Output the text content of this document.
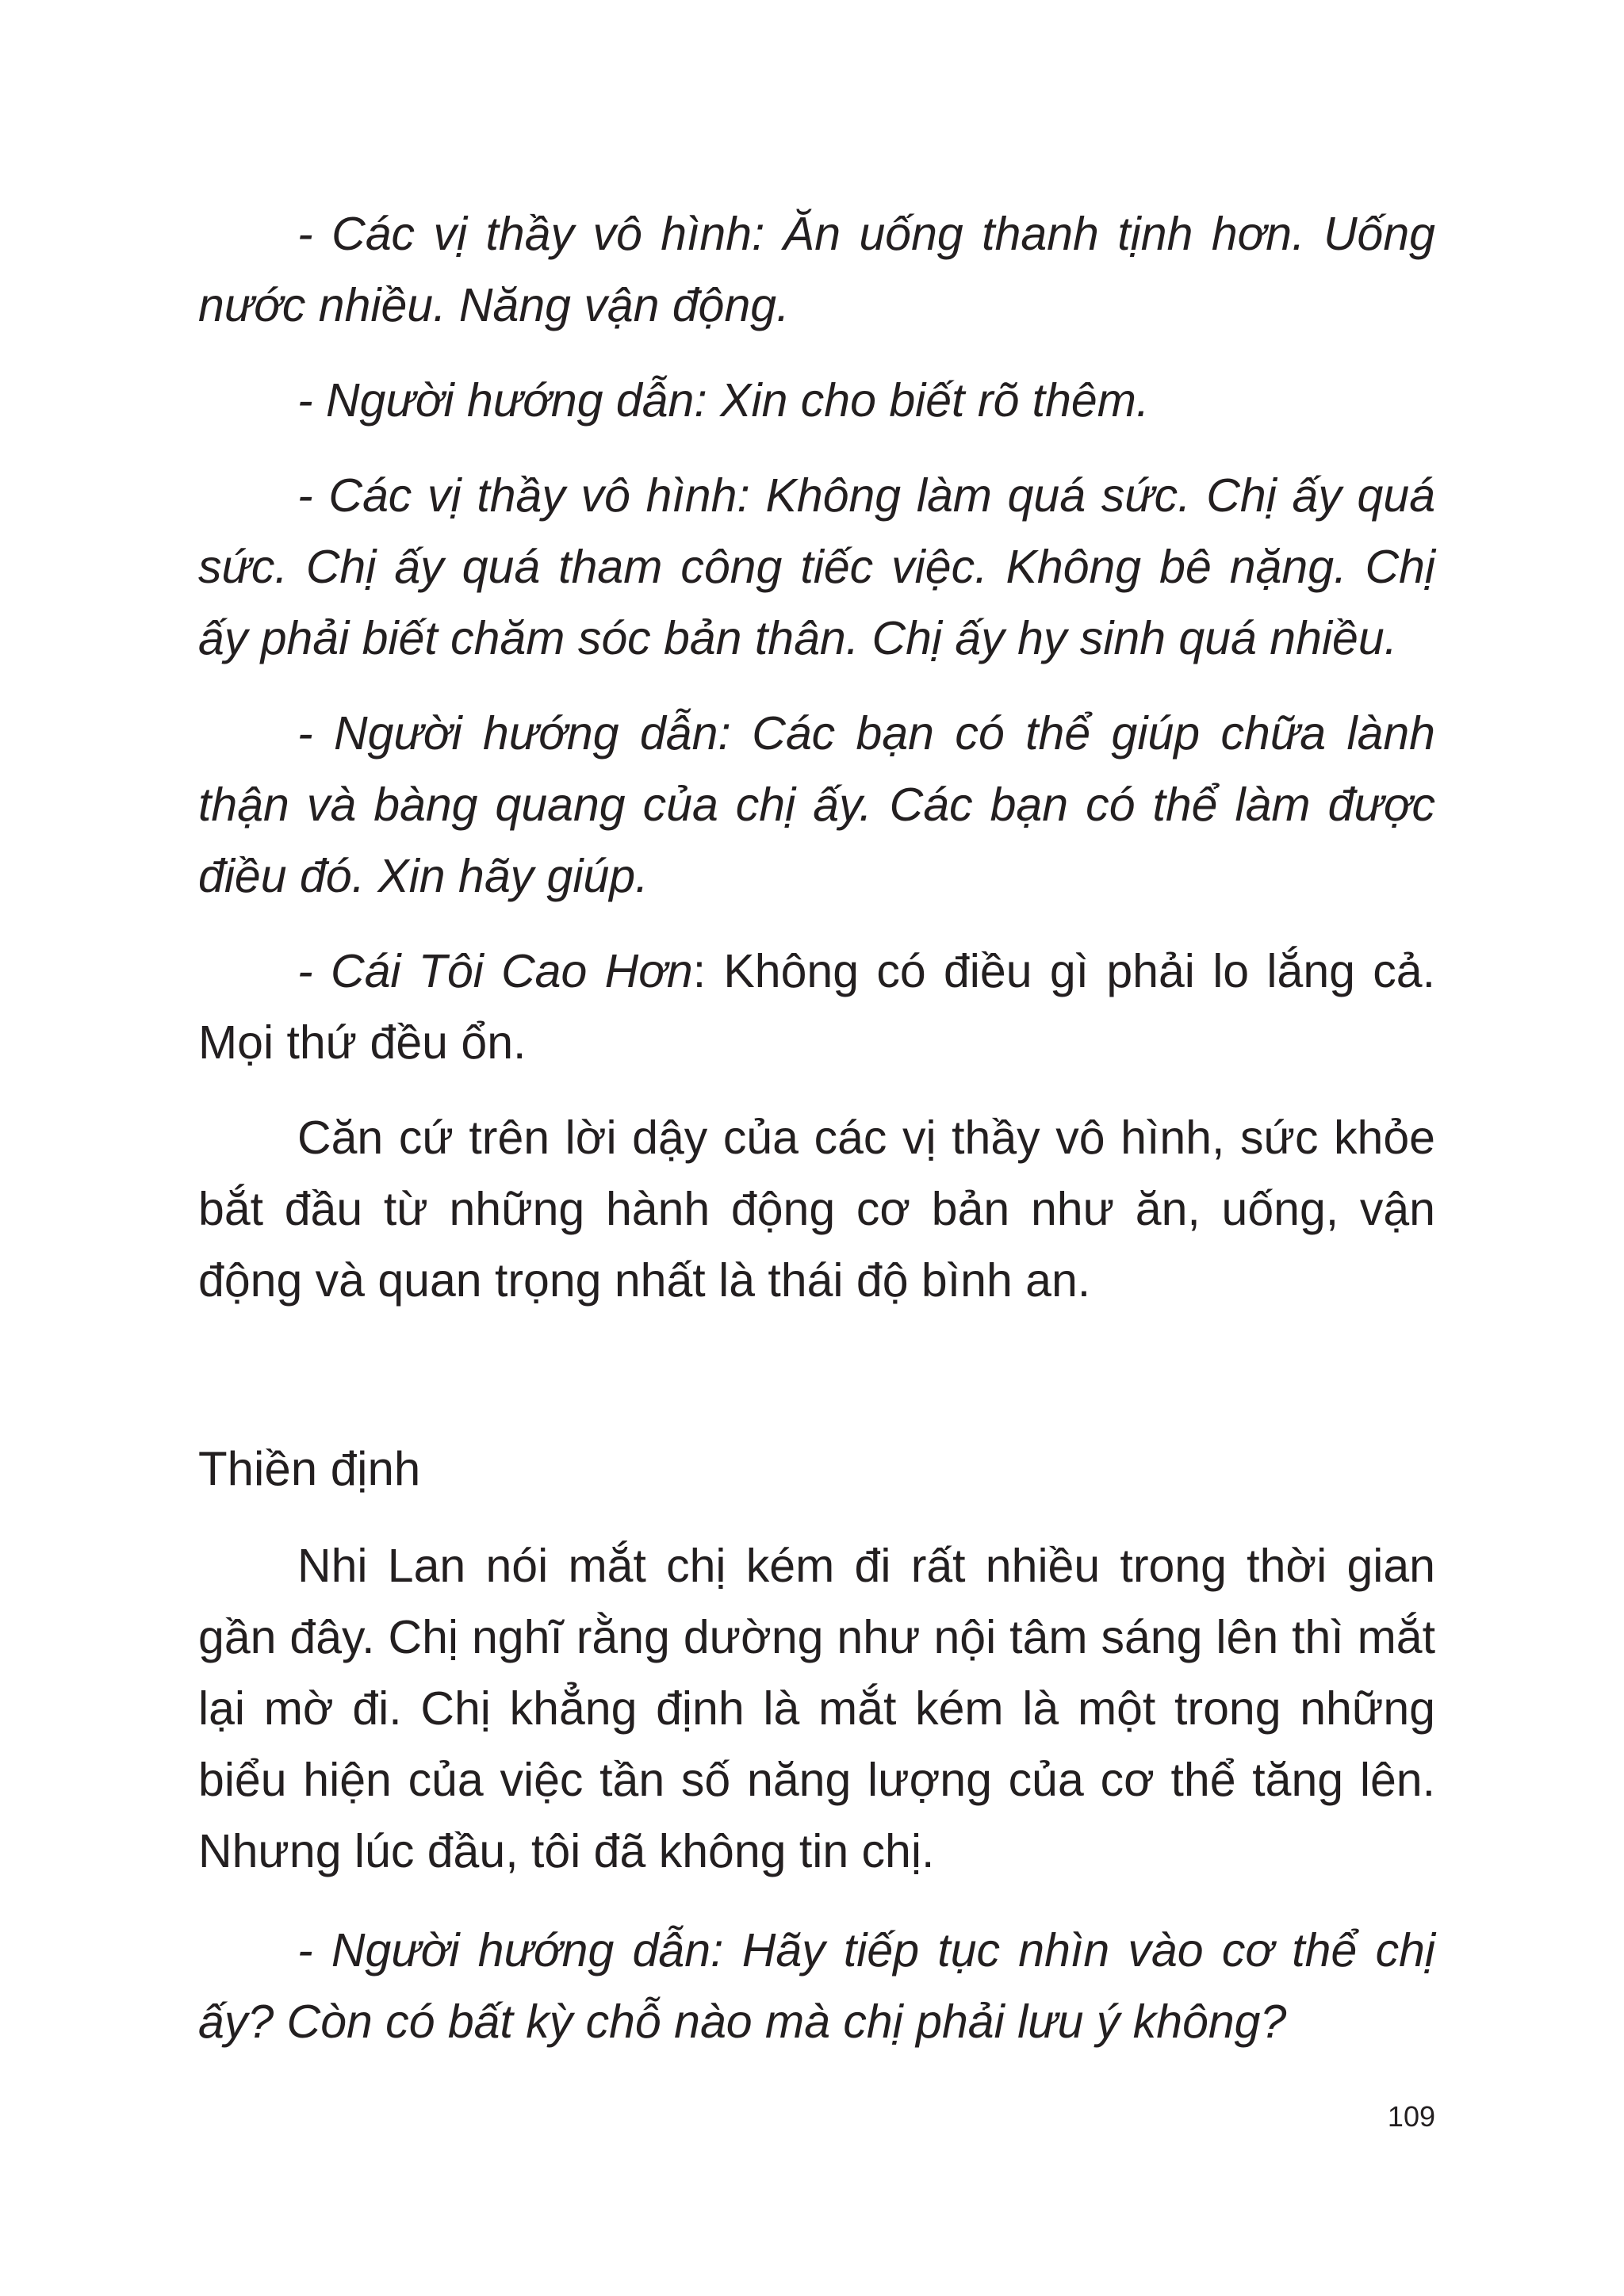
- Các vị thầy vô hình: Ăn uống thanh tịnh hơn. Uống nước nhiều. Năng vận động.

- Người hướng dẫn: Xin cho biết rõ thêm.

- Các vị thầy vô hình: Không làm quá sức. Chị ấy quá sức. Chị ấy quá tham công tiếc việc. Không bê nặng. Chị ấy phải biết chăm sóc bản thân. Chị ấy hy sinh quá nhiều.

- Người hướng dẫn: Các bạn có thể giúp chữa lành thận và bàng quang của chị ấy. Các bạn có thể làm được điều đó. Xin hãy giúp.

- Cái Tôi Cao Hơn: Không có điều gì phải lo lắng cả. Mọi thứ đều ổn.

Căn cứ trên lời dậy của các vị thầy vô hình, sức khỏe bắt đầu từ những hành động cơ bản như ăn, uống, vận động và quan trọng nhất là thái độ bình an.

Thiền định

Nhi Lan nói mắt chị kém đi rất nhiều trong thời gian gần đây. Chị nghĩ rằng dường như nội tâm sáng lên thì mắt lại mờ đi. Chị khẳng định là mắt kém là một trong những biểu hiện của việc tần số năng lượng của cơ thể tăng lên. Nhưng lúc đầu, tôi đã không tin chị.

- Người hướng dẫn: Hãy tiếp tục nhìn vào cơ thể chị ấy? Còn có bất kỳ chỗ nào mà chị phải lưu ý không?

109
